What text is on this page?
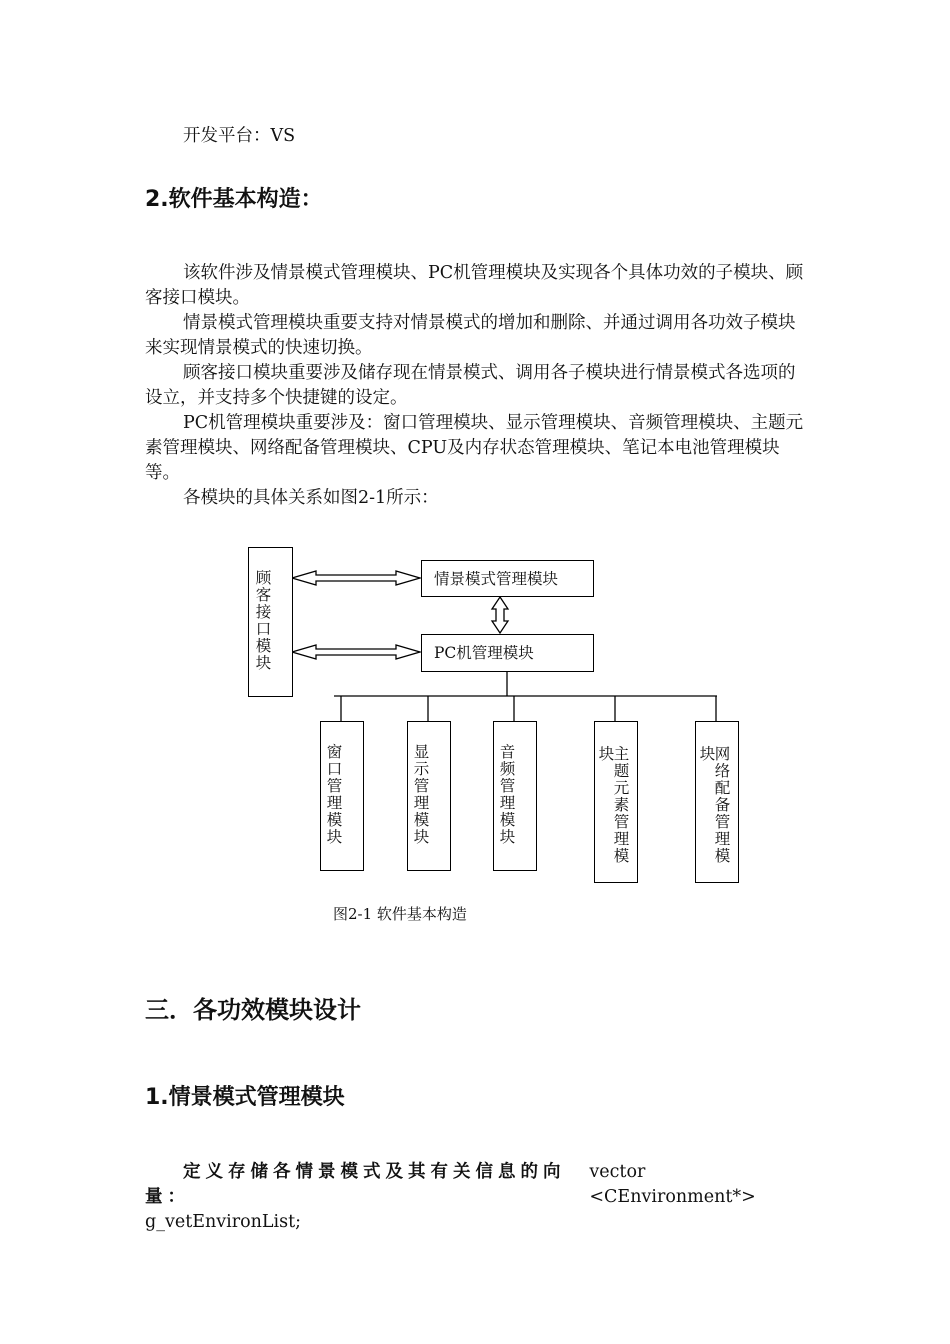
开发平台：VS
2.软件基本构造：
该软件涉及情景模式管理模块、PC机管理模块及实现各个具体功效的子模块、顾客接口模块。
情景模式管理模块重要支持对情景模式的增加和删除、并通过调用各功效子模块来实现情景模式的快速切换。
顾客接口模块重要涉及储存现在情景模式、调用各子模块进行情景模式各选项的设立，并支持多个快捷键的设定。
PC机管理模块重要涉及：窗口管理模块、显示管理模块、音频管理模块、主题元素管理模块、网络配备管理模块、CPU及内存状态管理模块、笔记本电池管理模块等。
各模块的具体关系如图2-1所示：
顾客接口模块
情景模式管理模块
PC机管理模块
窗口管理模块
显示管理模块
音频管理模块
主题元素管理模
块	网络配备管理模
块
图2-1 软件基本构造
三．各功效模块设计
1.情景模式管理模块
定义存储各情景模式及其有关信息的向量：
vector <CEnvironment*>
g_vetEnvironList;
